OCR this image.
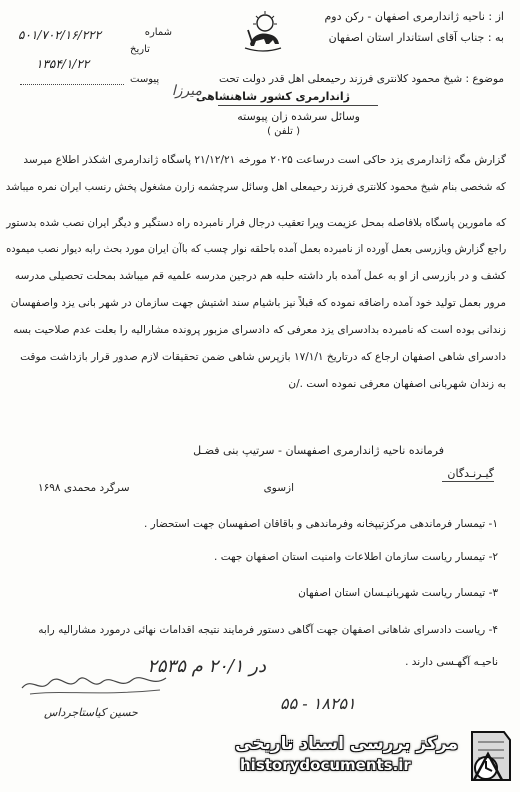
از : ناحیه ژاندارمری اصفهان - رکن دوم
به : جناب آقای استاندار استان اصفهان
موضوع : شیخ محمود کلانتری فرزند رحیمعلی اهل قدر دولت تحت
ژاندارمری کشور شاهنشاهی
وسائل سرشده زان پیوسته
( تلفن )
میرزا
شماره
۵۰۱/۷۰۲/۱۶/۲۲۲
تاریخ
۱۳۵۴/۱/۲۲
پیوست
گزارش مگه ژاندارمری یزد حاکی است درساعت ۲۰۲۵ مورخه ۲۱/۱۲/۲۱ پاسگاه ژاندارمری اشکذر اطلاع میرسد
که شخصی بنام شیخ محمود کلانتری فرزند رحیمعلی اهل وسائل سرچشمه زارن مشغول پخش رنسب ایران نمره میباشد
که مامورین پاسگاه بلافاصله بمحل عزیمت ویرا تعقیب درجال فرار نامبرده راه دستگیر و دیگر ایران نصب شده بدستور
راجع گزارش وبازرسی بعمل آورده از نامبرده بعمل آمده باحلقه نوار چسب که باآن ایران مورد بحث رابه دیوار نصب میموده
کشف و در بازرسی از او به عمل آمده بار داشته حلبه هم درجین مدرسه علمیه قم میباشد بمحلت تحصیلی مدرسه
مرور بعمل تولید خود آمده راضاقه نموده که قبلاً نیز باشیام سند اشتیش جهت سازمان در شهر بانی یزد واصفهسان
زندانی بوده است که نامبرده بدادسرای یزد معرفی که دادسرای مزبور پرونده مشارالیه را بعلت عدم صلاحیت بسه
دادسرای شاهی اصفهان ارجاع که درتاریخ ۱۷/۱/۱ بازپرس شاهی ضمن تحقیقات لازم صدور قرار بازداشت موقت
به زندان شهربانی اصفهان معرفی نموده است ./ن
فرمانده ناحیه ژاندارمری اصفهسان - سرتیپ بنی فضـل
گیـرنـدگان
ازسوی
سرگرد محمدی ۱۶۹۸
۱- تیمسار فرماندهی مرکزتیپخانه وفرماندهی و باقاقان اصفهسان جهت استحضار .
۲- تیمسار ریاست سازمان اطلاعات وامنیت استان اصفهان جهت .
۳- تیمسار ریاست شهربانیـسان استان اصفهان
۴- ریاست دادسرای شاهانی اصفهان جهت آگاهی دستور فرمایند نتیجه اقدامات نهائی درمورد مشارالیه رابه
ناحیـه آگهـسی دارند .
در ۲۰/۱ م ۲۵۳۵
حسین کیاستاجرداس	۵۵ - ۱۸۲۵۱
مرکز بررسی اسناد تاریخی
historydocuments.ir
